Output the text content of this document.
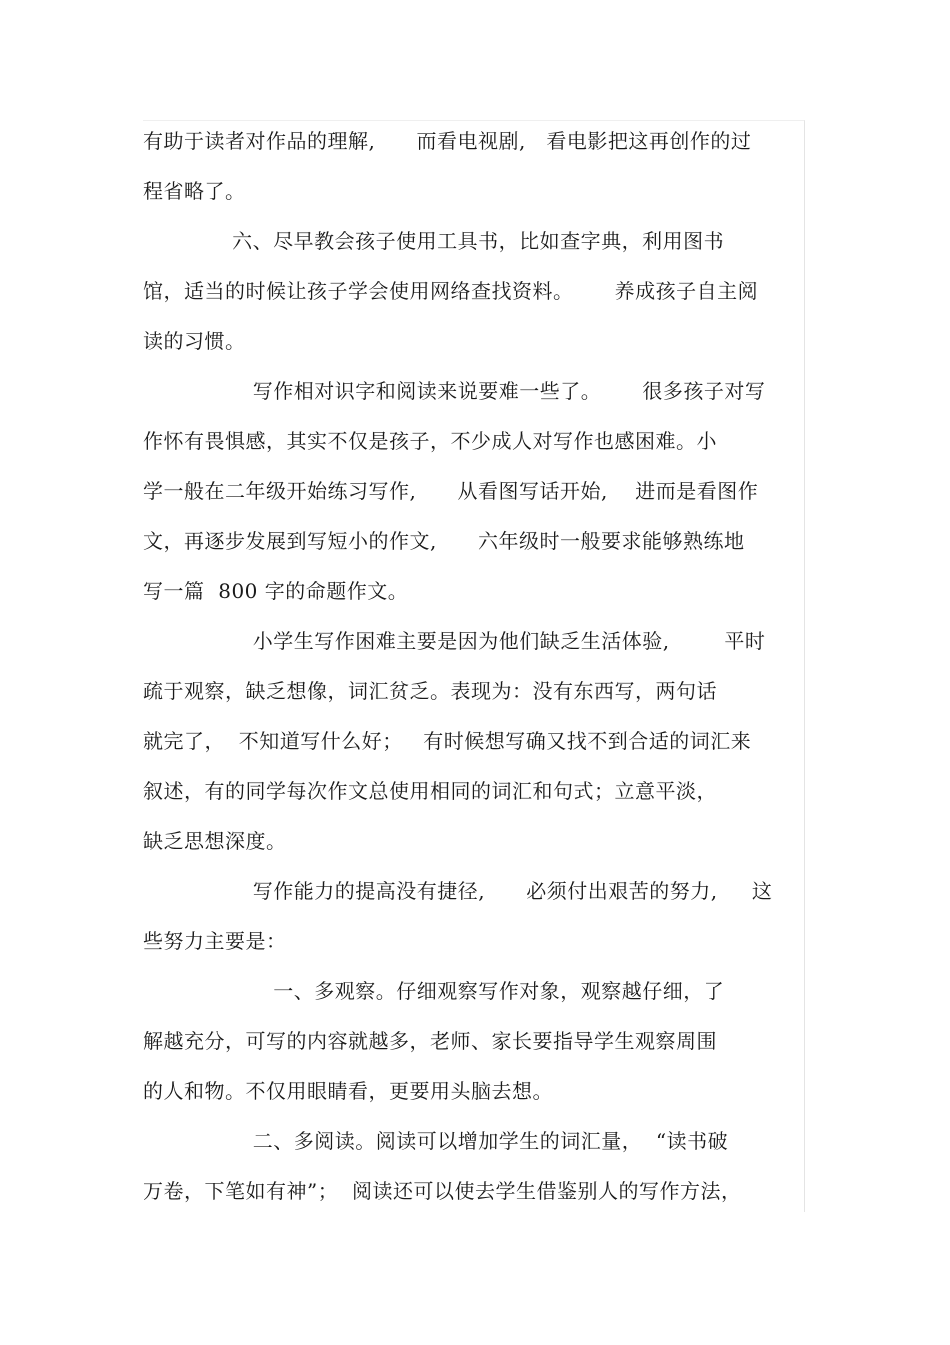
有助于读者对作品的理解,      而看电视剧,   看电影把这再创作的过
程省略了。
六、尽早教会孩子使用工具书，比如查字典，利用图书
馆，适当的时候让孩子学会使用网络查找资料。      养成孩子自主阅
读的习惯。
写作相对识字和阅读来说要难一些了。      很多孩子对写
作怀有畏惧感，其实不仅是孩子，不少成人对写作也感困难。小
学一般在二年级开始练习写作,      从看图写话开始,    进而是看图作
文，再逐步发展到写短小的作文,      六年级时一般要求能够熟练地
写一篇  800 字的命题作文。
小学生写作困难主要是因为他们缺乏生活体验,        平时
疏于观察，缺乏想像，词汇贫乏。表现为：没有东西写，两句话
就完了，  不知道写什么好；   有时候想写确又找不到合适的词汇来
叙述，有的同学每次作文总使用相同的词汇和句式；立意平淡，
缺乏思想深度。
写作能力的提高没有捷径,      必须付出艰苦的努力,     这
些努力主要是：
一、多观察。仔细观察写作对象，观察越仔细，了
解越充分，可写的内容就越多，老师、家长要指导学生观察周围
的人和物。不仅用眼睛看，更要用头脑去想。
二、多阅读。阅读可以增加学生的词汇量，  “读书破
万卷，下笔如有神”；  阅读还可以使去学生借鉴别人的写作方法，
